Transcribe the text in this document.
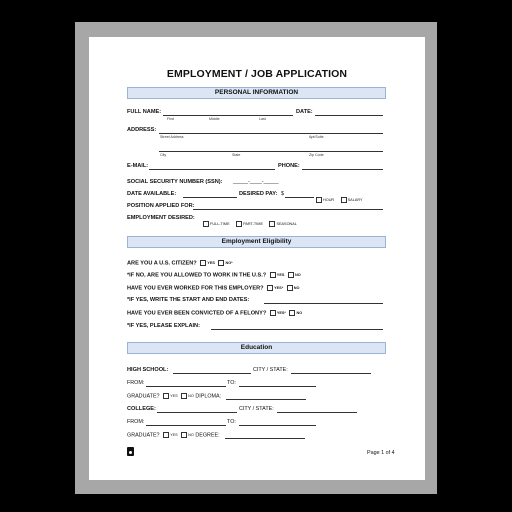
EMPLOYMENT / JOB APPLICATION
PERSONAL INFORMATION
FULL NAME:
First	Middle	Last
DATE:
ADDRESS:
Street Address	Apt/Suite
City	State	Zip Code
E-MAIL:	PHONE:
SOCIAL SECURITY NUMBER (SSN): _____-____-_____
DATE AVAILABLE:	DESIRED PAY: $
HOUR	SALARY
POSITION APPLIED FOR:
EMPLOYMENT DESIRED:
FULL-TIME	PART-TIME	SEASONAL
Employment Eligibility
ARE YOU A U.S. CITIZEN?	YES	NO*
*IF NO, ARE YOU ALLOWED TO WORK IN THE U.S.?	YES	NO
HAVE YOU EVER WORKED FOR THIS EMPLOYER?	YES*	NO
*IF YES, WRITE THE START AND END DATES:
HAVE YOU EVER BEEN CONVICTED OF A FELONY?	YES*	NO
*IF YES, PLEASE EXPLAIN:
Education
HIGH SCHOOL:	CITY / STATE:
FROM:	TO:
GRADUATE?	YES	NO DIPLOMA:
COLLEGE:	CITY / STATE:
FROM:	TO:
GRADUATE?	YES	NO DEGREE:
Page 1 of 4
